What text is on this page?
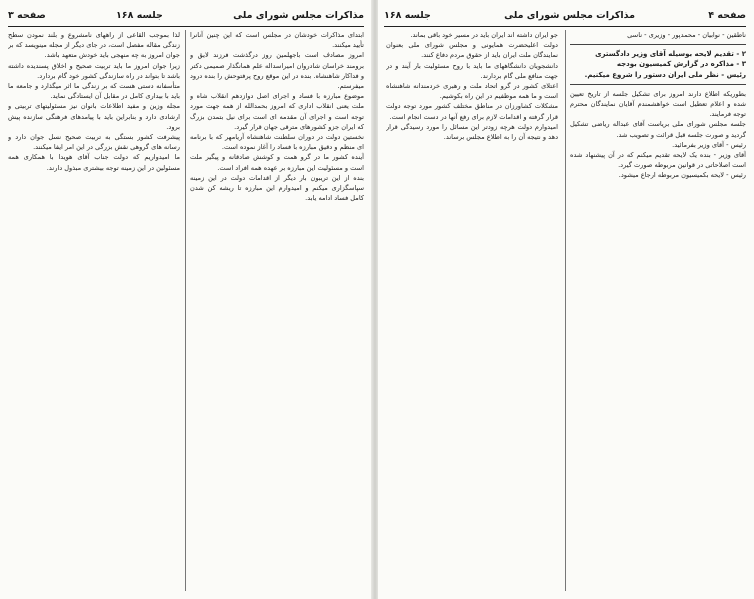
مذاکرات مجلس شورای ملی
جلسه ۱۶۸
صفحه ۳

ابتدای مذاکرات خودشان در مجلس است که این چنین آنانرا تأیید میکنند.

امروز مصادف است باجهلمین روز درگذشت فرزند لایق و برومند خراسان شادروان امیراسداله علم همانگذار صمیمی دکتر و فداکار شاهنشاه. بنده در این موقع روح پرفتوحش را بنده درود میفرستم.

موضوع مبارزه با فساد و اجرای اصل دوازدهم انقلاب شاه و ملت یعنی انقلاب اداری که امروز بحمدالله از همه جهت مورد توجه است و اجرای آن مقدمه ای است برای نیل بتمدن بزرگ که ایران جزو کشورهای مترقی جهان قرار گیرد.

نخستین دولت در دوران سلطنت شاهنشاه آریامهر که با برنامه ای منظم و دقیق مبارزه با فساد را آغاز نموده است.

آینده کشور ما در گرو همت و کوشش صادقانه و پیگیر ملت است و مسئولیت این مبارزه بر عهده همه افراد است.

بنده از این تریبون بار دیگر از اقدامات دولت در این زمینه سپاسگزاری میکنم و امیدوارم این مبارزه تا ریشه کن شدن کامل فساد ادامه یابد.

لذا بموجب القاعی از راههای نامشروع و بلند نمودن سطح زندگی مقاله مفصل است، در جای دیگر از مجله مینویسد که بر جوان امروز به چه منهجی باید خودش متعهد باشد.

زیرا جوان امروز ما باید تربیت صحیح و اخلاق پسندیده داشته باشد تا بتواند در راه سازندگی کشور خود گام بردارد.

متأسفانه دستی هست که بر زندگی ما اثر میگذارد و جامعه ما باید با بیداری کامل در مقابل آن ایستادگی نماید.

مجله وزین و مفید اطلاعات بانوان نیز مسئولیتهای تربیتی و ارشادی دارد و بنابراین باید با پیامدهای فرهنگی سازنده پیش برود.

پیشرفت کشور بستگی به تربیت صحیح نسل جوان دارد و رسانه های گروهی نقش بزرگی در این امر ایفا میکنند.

ما امیدواریم که دولت جناب آقای هویدا با همکاری همه مسئولین در این زمینه توجه بیشتری مبذول دارند.

صفحه ۴
مذاکرات مجلس شورای ملی
جلسه ۱۶۸

ناطقین - نوابیان - محمدپور - وزیری - ناسی

۲ - تقدیم لایحه بوسیله آقای وزیر دادگستری

۳ - مذاکره در گزارش کمیسیون بودجه

رئیس - نظر ملی ایران دستور را شروع میکنیم.

بطوریکه اطلاع دارند امروز برای تشکیل جلسه از تاریخ تعیین شده و اعلام تعطیل است خواهشمندم آقایان نمایندگان محترم توجه فرمایند.

جلسه مجلس شورای ملی بریاست آقای عبداله ریاضی تشکیل گردید و صورت جلسه قبل قرائت و تصویب شد.

رئیس - آقای وزیر بفرمائید.

آقای وزیر - بنده یک لایحه تقدیم میکنم که در آن پیشنهاد شده است اصلاحاتی در قوانین مربوطه صورت گیرد.

رئیس - لایحه بکمیسیون مربوطه ارجاع میشود.

جو ایران داشته اند ایران باید در مسیر خود باقی بماند.

دولت اعلیحضرت همایونی و مجلس شورای ملی بعنوان نمایندگان ملت ایران باید از حقوق مردم دفاع کنند.

دانشجویان دانشگاههای ما باید با روح مسئولیت بار آیند و در جهت منافع ملی گام بردارند.

اعتلای کشور در گرو اتحاد ملت و رهبری خردمندانه شاهنشاه است و ما همه موظفیم در این راه بکوشیم.

مشکلات کشاورزان در مناطق مختلف کشور مورد توجه دولت قرار گرفته و اقدامات لازم برای رفع آنها در دست انجام است.

امیدوارم دولت هرچه زودتر این مسائل را مورد رسیدگی قرار دهد و نتیجه آن را به اطلاع مجلس برساند.
